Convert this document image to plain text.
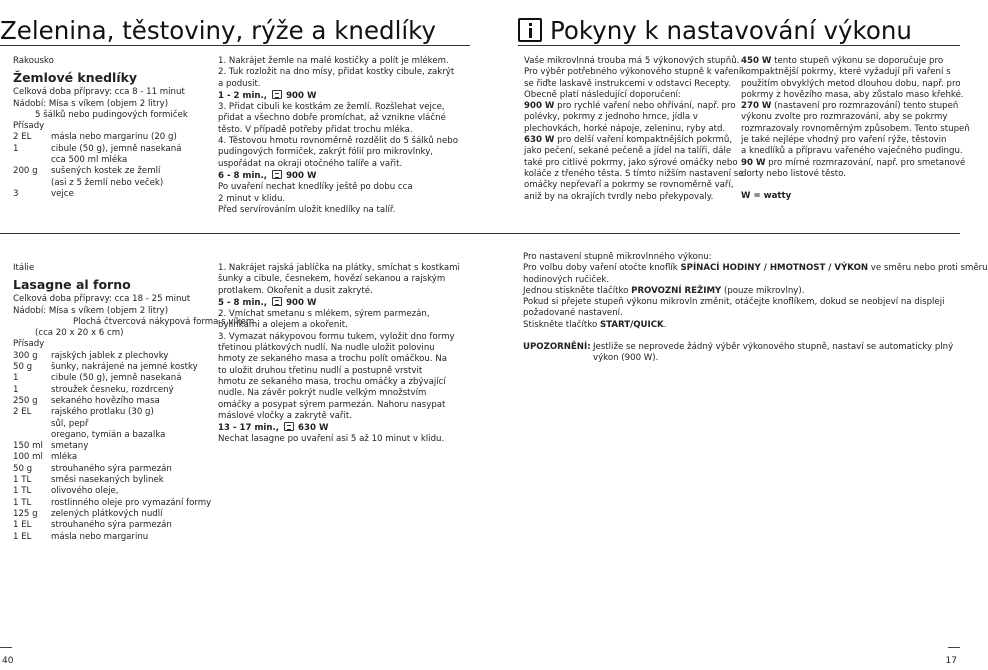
Zelenina, těstoviny, rýže a knedlíky
Rakousko
Žemlové knedlíky
Celková doba přípravy: cca 8 - 11 minut
Nádobí: Mísa s víkem (objem 2 litry)
5 šálků nebo pudingových formiček
Přísady
2 EL	másla nebo margarinu (20 g)
1	cibule (50 g), jemně nasekaná
cca 500 ml mléka
200 g	sušených kostek ze žemlí
(asi z 5 žemlí nebo veček)
3	vejce
1. Nakrájet žemle na malé kostičky a polít je mlékem.
2. Tuk rozložit na dno mísy, přidat kostky cibule, zakrýt
a podusit.
1 - 2 min., 900 W
3. Přidat cibuli ke kostkám ze žemlí. Rozšlehat vejce,
přidat a všechno dobře promíchat, až vznikne vláčné
těsto. V případě potřeby přidat trochu mléka.
4. Těstovou hmotu rovnoměrně rozdělit do 5 šálků nebo
pudingových formiček, zakrýt fólií pro mikrovlnky,
uspořádat na okraji otočného talíře a vařit.
6 - 8 min., 900 W
Po uvaření nechat knedlíky ještě po dobu cca
2 minut v klidu.
Před servírováním uložit knedlíky na talíř.
Pokyny k nastavování výkonu
Vaše mikrovlnná trouba má 5 výkonových stupňů.
Pro výběr potřebného výkonového stupně k vaření
se řiďte laskavě instrukcemi v odstavci Recepty.
Obecně platí následující doporučení:
900 W pro rychlé vaření nebo ohřívání, např. pro
polévky, pokrmy z jednoho hrnce, jídla v
plechovkách, horké nápoje, zeleninu, ryby atd.
630 W pro delší vaření kompaktnějších pokrmů,
jako pečení, sekané pečeně a jídel na talíři, dále
také pro citlivé pokrmy, jako sýrové omáčky nebo
koláče z třeného těsta. S tímto nižším nastavení se
omáčky nepřevaří a pokrmy se rovnoměrně vaří,
aniž by na okrajích tvrdly nebo překypovaly.
450 W tento stupeň výkonu se doporučuje pro
kompaktnější pokrmy, které vyžadují při vaření s
použitím obvyklých metod dlouhou dobu, např. pro
pokrmy z hovězího masa, aby zůstalo maso křehké.
270 W (nastavení pro rozmrazování) tento stupeň
výkonu zvolte pro rozmrazování, aby se pokrmy
rozmrazovaly rovnoměrným způsobem. Tento stupeň
je také nejlépe vhodný pro vaření rýže, těstovin
a knedlíků a přípravu vařeného vaječného pudingu.
90 W pro mírné rozmrazování, např. pro smetanové
dorty nebo listové těsto.
W = watty
Itálie
Lasagne al forno
Celková doba přípravy: cca 18 - 25 minut
Nádobí: Mísa s víkem (objem 2 litry)
Plochá čtvercová nákypová forma s víkem
(cca 20 x 20 x 6 cm)
Přísady
300 g	rajských jablek z plechovky
50 g	šunky, nakrájené na jemné kostky
1	cibule (50 g), jemně nasekaná
1	stroužek česneku, rozdrcený
250 g	sekaného hovězího masa
2 EL	rajského protlaku (30 g)
sůl, pepř
oregano, tymián a bazalka
150 ml smetany
100 ml mléka
50 g	strouhaného sýra parmezán
1 TL	směsi nasekaných bylinek
1 TL	olivového oleje,
1 TL	rostlinného oleje pro vymazání formy
125 g	zelených plátkových nudlí
1 EL	strouhaného sýra parmezán
1 EL	másla nebo margarinu
1. Nakrájet rajská jablíčka na plátky, smíchat s kostkami
šunky a cibule, česnekem, hovězí sekanou a rajským
protlakem. Okořenit a dusit zakryté.
5 - 8 min., 900 W
2. Vmíchat smetanu s mlékem, sýrem parmezán,
bylinkami a olejem a okořenit.
3. Vymazat nákypovou formu tukem, vyložit dno formy
třetinou plátkových nudlí. Na nudle uložit polovinu
hmoty ze sekaného masa a trochu polít omáčkou. Na
to uložit druhou třetinu nudlí a postupně vrstvit
hmotu ze sekaného masa, trochu omáčky a zbývající
nudle. Na závěr pokrýt nudle velkým množstvím
omáčky a posypat sýrem parmezán. Nahoru nasypat
máslové vločky a zakrytě vařit.
13 - 17 min., 630 W
Nechat lasagne po uvaření asi 5 až 10 minut v klidu.
Pro nastavení stupně mikrovlnného výkonu:
Pro volbu doby vaření otočte knoflík SPÍNACÍ HODINY / HMOTNOST / VÝKON ve směru nebo proti směru
hodinových ručiček.
Jednou stiskněte tlačítko PROVOZNÍ REŽIMY (pouze mikrovlny).
Pokud si přejete stupeň výkonu mikrovln změnit, otáčejte knoflíkem, dokud se neobjeví na displeji
požadované nastavení.
Stiskněte tlačítko START/QUICK.
UPOZORNĚNÍ: Jestliže se neprovede žádný výběr výkonového stupně, nastaví se automaticky plný
výkon (900 W).
40	17
